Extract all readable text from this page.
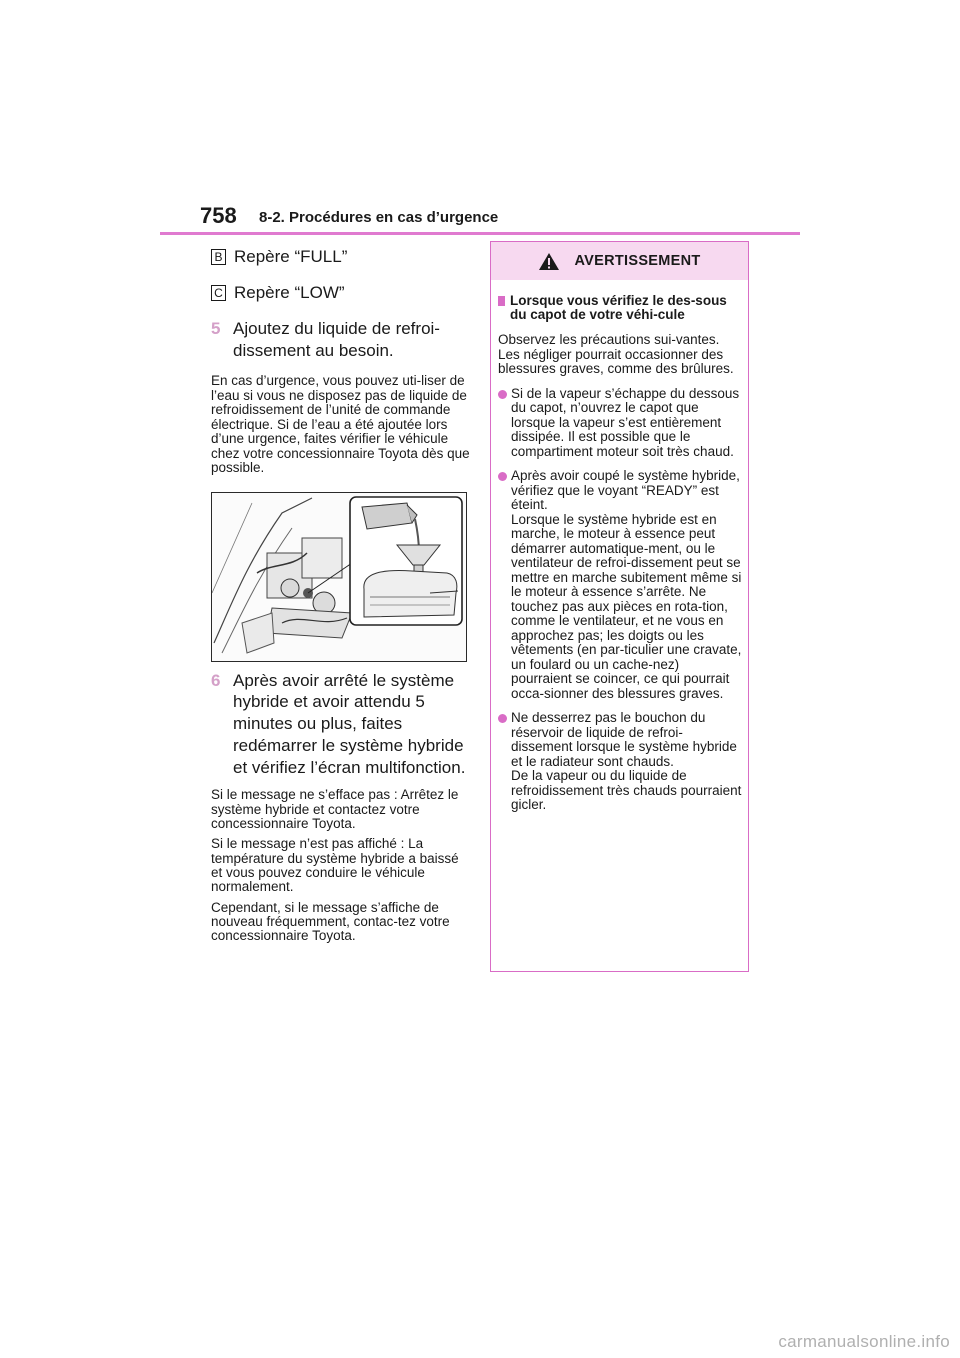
758 8-2. Procédures en cas d’urgence
B Repère “FULL”
C Repère “LOW”
5 Ajoutez du liquide de refroi-dissement au besoin.

En cas d’urgence, vous pouvez uti-liser de l’eau si vous ne disposez pas de liquide de refroidissement de l’unité de commande électrique. Si de l’eau a été ajoutée lors d’une urgence, faites vérifier le véhicule chez votre concessionnaire Toyota dès que possible.

6 Après avoir arrêté le système hybride et avoir attendu 5 minutes ou plus, faites redémarrer le système hybride et vérifiez l’écran multifonction.

Si le message ne s’efface pas : Arrêtez le système hybride et contactez votre concessionnaire Toyota.

Si le message n’est pas affiché : La température du système hybride a baissé et vous pouvez conduire le véhicule normalement.

Cependant, si le message s’affiche de nouveau fréquemment, contac-tez votre concessionnaire Toyota.

AVERTISSEMENT
Lorsque vous vérifiez le des-sous du capot de votre véhi-cule

Observez les précautions sui-vantes.
Les négliger pourrait occasionner des blessures graves, comme des brûlures.

Si de la vapeur s’échappe du dessous du capot, n’ouvrez le capot que lorsque la vapeur s’est entièrement dissipée. Il est possible que le compartiment moteur soit très chaud.
Après avoir coupé le système hybride, vérifiez que le voyant “READY” est éteint.
Lorsque le système hybride est en marche, le moteur à essence peut démarrer automatique-ment, ou le ventilateur de refroi-dissement peut se mettre en marche subitement même si le moteur à essence s’arrête. Ne touchez pas aux pièces en rota-tion, comme le ventilateur, et ne vous en approchez pas; les doigts ou les vêtements (en par-ticulier une cravate, un foulard ou un cache-nez) pourraient se coincer, ce qui pourrait occa-sionner des blessures graves.
Ne desserrez pas le bouchon du réservoir de liquide de refroi-dissement lorsque le système hybride et le radiateur sont chauds.
De la vapeur ou du liquide de refroidissement très chauds pourraient gicler.
carmanualsonline.info
